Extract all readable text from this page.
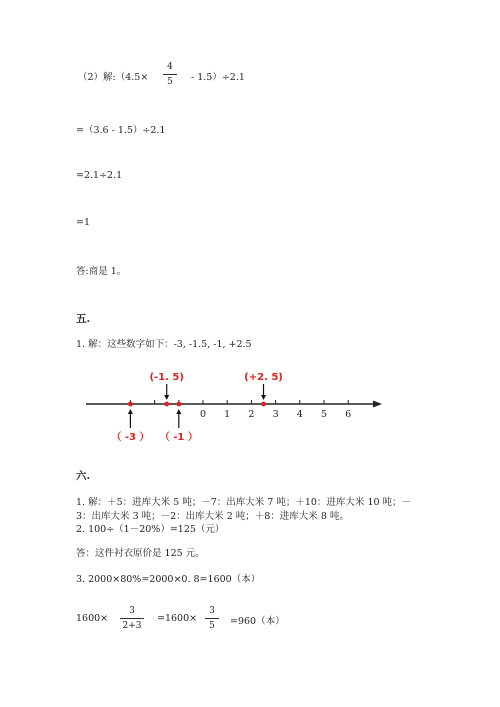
（2）解:（4.5×
4
5	- 1.5）÷2.1
=（3.6 - 1.5）÷2.1
=2.1÷2.1
=1
答:商是 1。
五.
1. 解：这些数字如下：-3, -1.5, -1, +2.5
0 1 2 3 4 5 6
（ -3 ）
(-1. 5)
（ -1 ）
(+2. 5)
六.
1. 解：＋5：进库大米 5 吨；－7：出库大米 7 吨；＋10：进库大米 10 吨；－
3：出库大米 3 吨；－2：出库大米 2 吨；＋8：进库大米 8 吨。
2. 100÷（1－20%）=125（元）
答：这件衬衣原价是 125 元。
3. 2000×80%=2000×0. 8=1600（本）
1600×
3
2+3
=1600×
3
5	=960（本）
